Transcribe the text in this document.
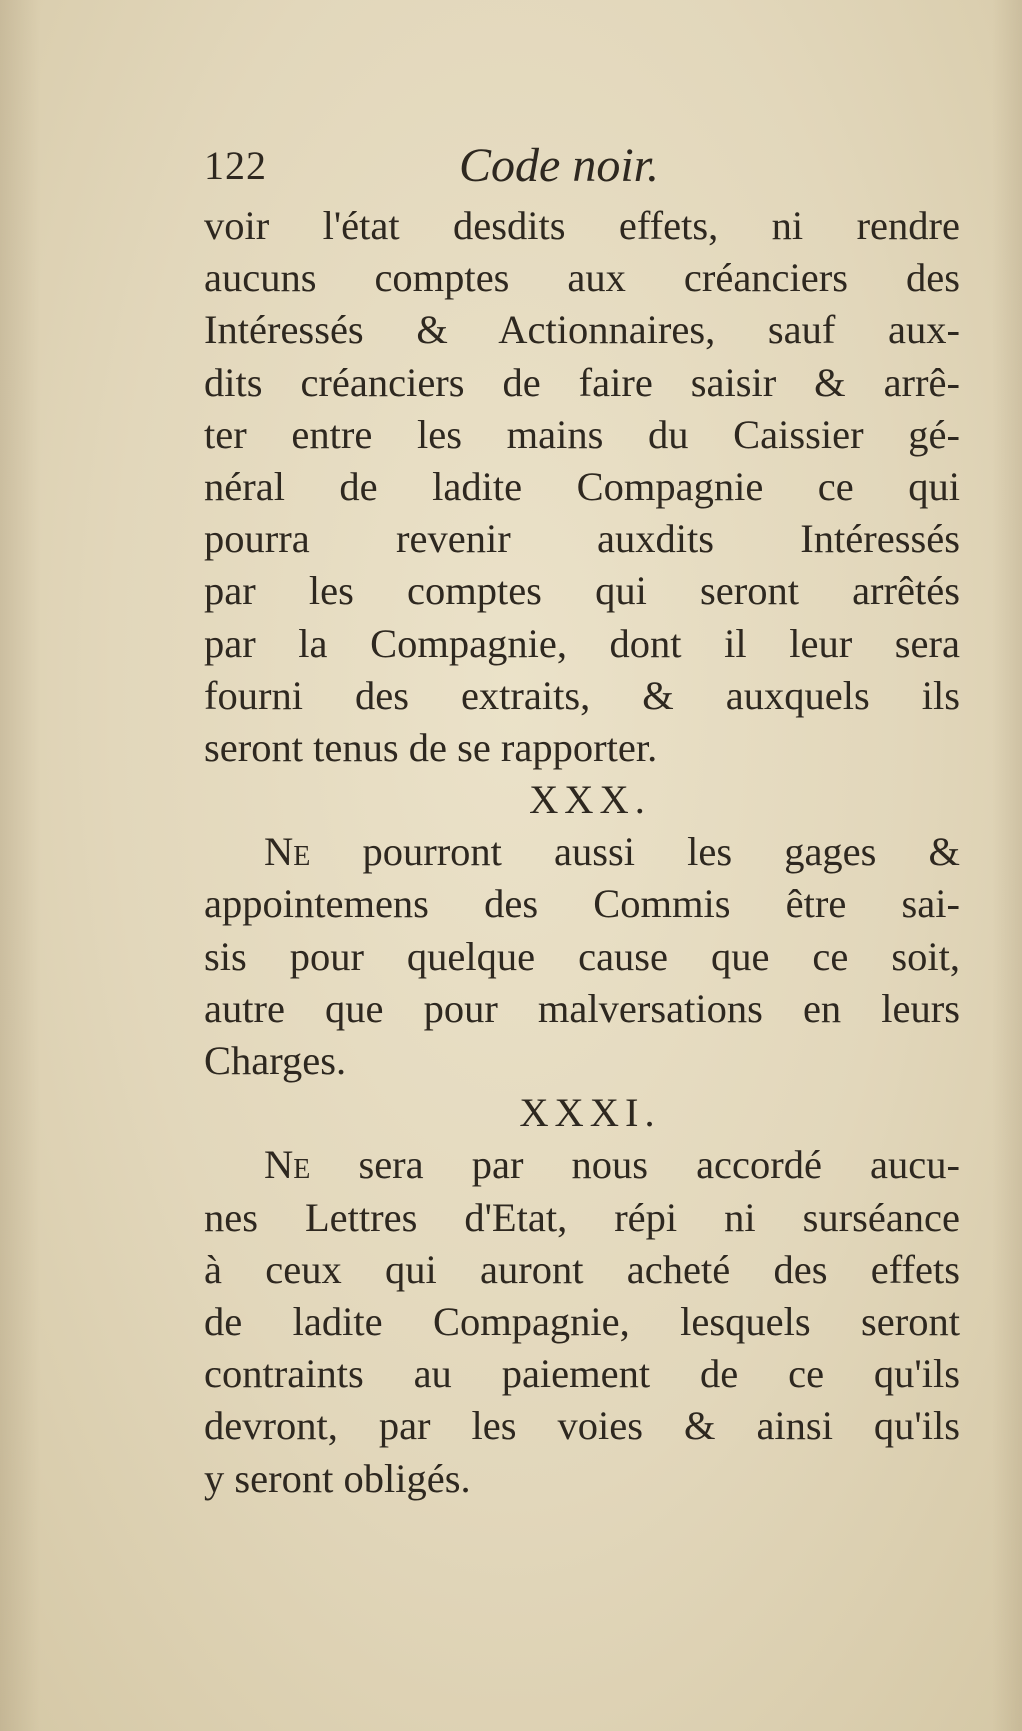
122	Code noir.
voir l'état desdits effets, ni rendre
aucuns comptes aux créanciers des
Intéressés & Actionnaires, sauf aux-
dits créanciers de faire saisir & arrê-
ter entre les mains du Caissier gé-
néral de ladite Compagnie ce qui
pourra revenir auxdits Intéressés
par les comptes qui seront arrêtés
par la Compagnie, dont il leur sera
fourni des extraits, & auxquels ils
seront tenus de se rapporter.
XXX.
Ne pourront aussi les gages &
appointemens des Commis être sai-
sis pour quelque cause que ce soit,
autre que pour malversations en leurs
Charges.
XXXI.
Ne sera par nous accordé aucu-
nes Lettres d'Etat, répi ni surséance
à ceux qui auront acheté des effets
de ladite Compagnie, lesquels seront
contraints au paiement de ce qu'ils
devront, par les voies & ainsi qu'ils
y seront obligés.
